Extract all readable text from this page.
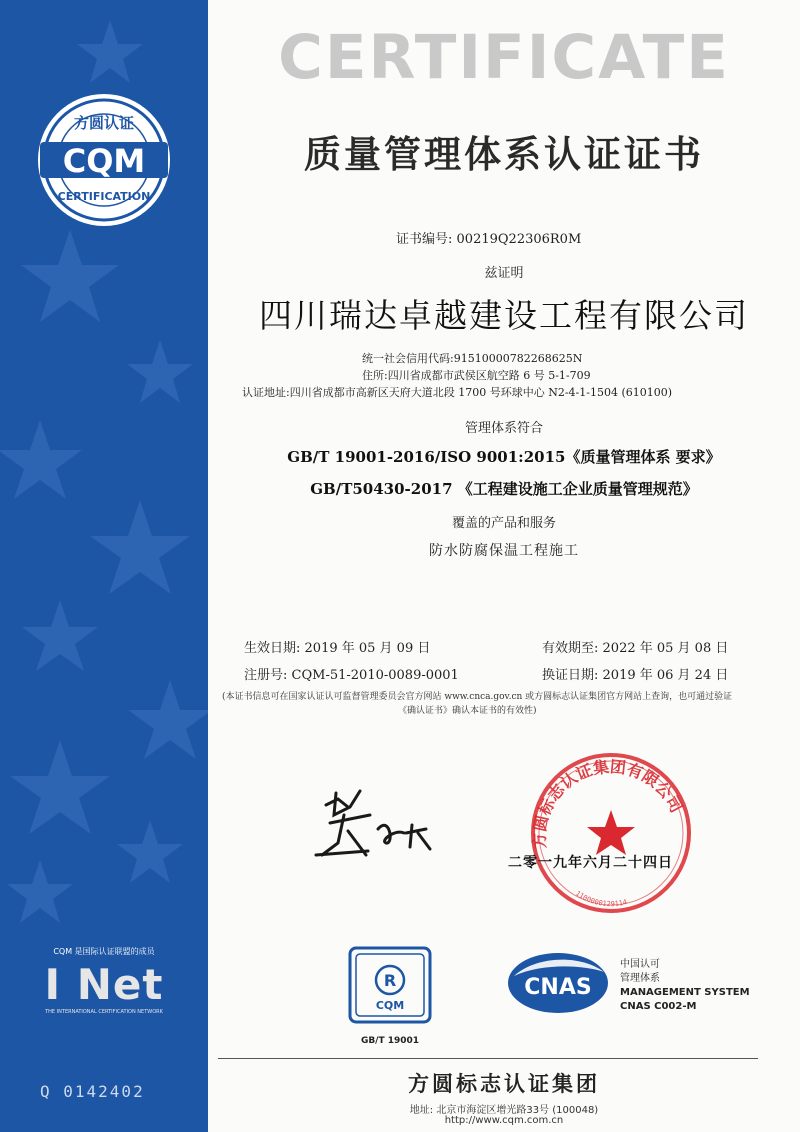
CQM
方圆认证
CERTIFICATION
CQM 是国际认证联盟的成员
I Net
THE INTERNATIONAL CERTIFICATION NETWORK
Q 0142402
CERTIFICATE
质量管理体系认证证书
证书编号: 00219Q22306R0M
兹证明
四川瑞达卓越建设工程有限公司
统一社会信用代码:91510000782268625N
住所:四川省成都市武侯区航空路 6 号 5-1-709
认证地址:四川省成都市高新区天府大道北段 1700 号环球中心 N2-4-1-1504 (610100)
管理体系符合
GB/T 19001-2016/ISO 9001:2015《质量管理体系 要求》
GB/T50430-2017 《工程建设施工企业质量管理规范》
覆盖的产品和服务
防水防腐保温工程施工
生效日期: 2019 年 05 月 09 日	有效期至: 2022 年 05 月 08 日
注册号: CQM-51-2010-0089-0001	换证日期: 2019 年 06 月 24 日
(本证书信息可在国家认证认可监督管理委员会官方网站 www.cnca.gov.cn 或方圆标志认证集团官方网站上查询，也可通过验证
《确认证书》确认本证书的有效性)
方圆标志认证集团有限公司
1100000129114
二零一九年六月二十四日
R
CQM
GB/T 19001
CNAS
中国认可
管理体系
MANAGEMENT SYSTEM
CNAS C002-M
方圆标志认证集团
地址: 北京市海淀区增光路33号 (100048)
http://www.cqm.com.cn
